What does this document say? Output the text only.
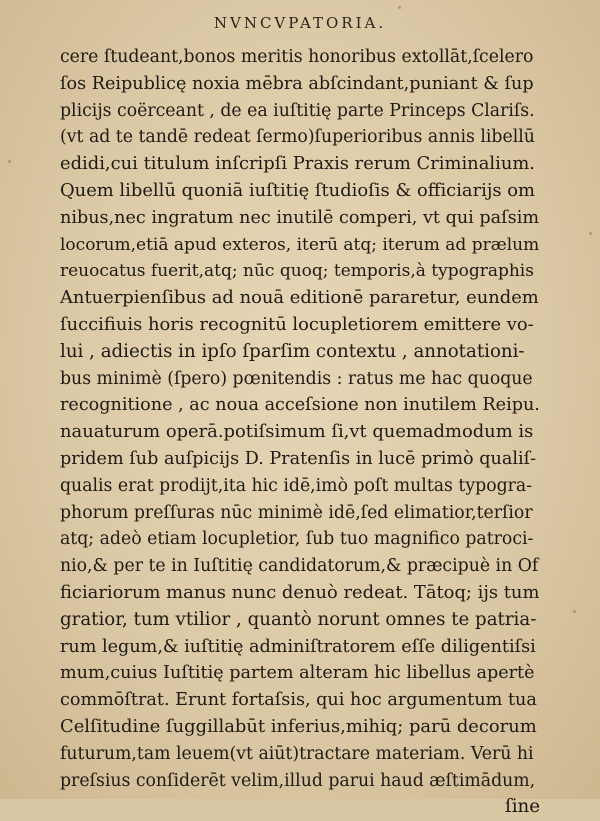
NVNCVPATORIA.
cere ſtudeant,bonos meritis honoribus extollāt,ſcelero
ſos Reipublicę noxia mēbra abſcindant,puniant & ſup
plicijs coërceant , de ea iuſtitię parte Princeps Clariſs.
(vt ad te tandē redeat ſermo)ſuperioribus annis libellū
edidi,cui titulum inſcripſi Praxis rerum Criminalium.
Quem libellū quoniā iuſtitię ſtudioſis & officiarijs om
nibus,nec ingratum nec inutilē comperi, vt qui paſsim
locorum,etiā apud exteros, iterū atq; iterum ad prælum
reuocatus fuerit,atq; nūc quoq; temporis,à typographis
Antuerpienſibus ad nouā editionē pararetur, eundem
ſuccifiuis horis recognitū locupletiorem emittere vo-
lui , adiectis in ipſo ſparſim contextu , annotationi-
bus minimè (ſpero) pœnitendis : ratus me hac quoque
recognitione , ac noua acceſsione non inutilem Reipu.
nauaturum operā.potiſsimum ſi,vt quemadmodum is
pridem ſub auſpicijs D. Pratenſis in lucē primò qualiſ-
qualis erat prodijt,ita hic idē,imò poſt multas typogra-
phorum preſſuras nūc minimè idē,ſed elimatior,terſior
atq; adeò etiam locupletior, ſub tuo magnifico patroci-
nio,& per te in Iuſtitię candidatorum,& præcipuè in Of
ficiariorum manus nunc denuò redeat. Tātoq; ijs tum
gratior, tum vtilior , quantò norunt omnes te patria-
rum legum,& iuſtitię adminiſtratorem eſſe diligentiſsi
mum,cuius Iuſtitię partem alteram hic libellus apertè
commōſtrat. Erunt fortaſsis, qui hoc argumentum tua
Celſitudine ſuggillabūt inferius,mihiq; parū decorum
futurum,tam leuem(vt aiūt)tractare materiam. Verū hi
preſsius conſiderēt velim,illud parui haud æſtimādum,
ſine
